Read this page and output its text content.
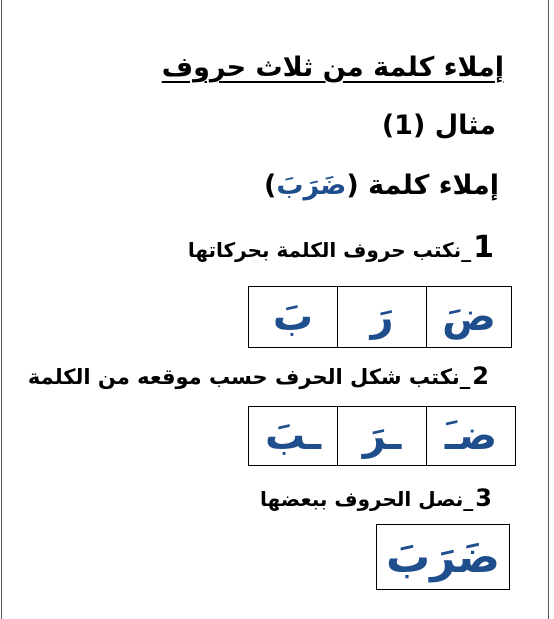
إملاء كلمة من ثلاث حروف
مثال (1)
إملاء كلمة (ضَرَبَ)
1_نكتب حروف الكلمة بحركاتها
ضَ	رَ	بَ
2_نكتب شكل الحرف حسب موقعه من الكلمة
ضـَ	ـرَ	ـبَ
3_نصل الحروف ببعضها
ضَرَبَ
